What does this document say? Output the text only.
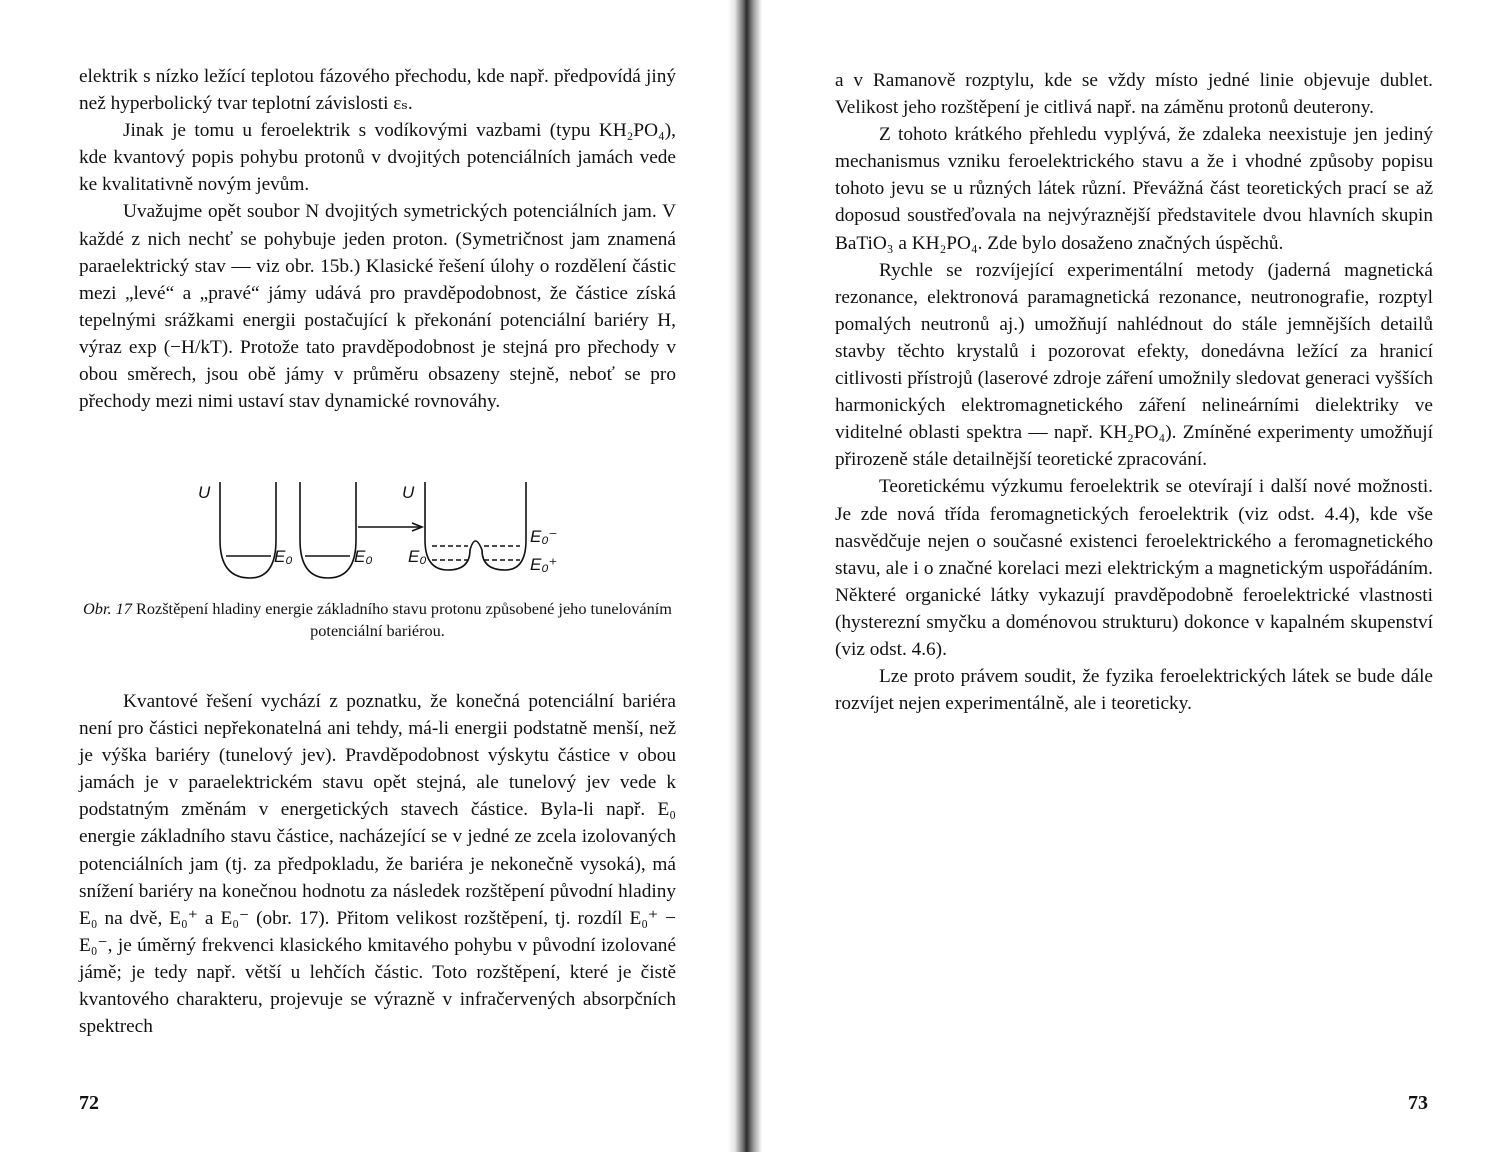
elektrik s nízko ležící teplotou fázového přechodu, kde např. předpovídá jiný než hyperbolický tvar teplotní závislosti εₛ.

Jinak je tomu u feroelektrik s vodíkovými vazbami (typu KH₂PO₄), kde kvantový popis pohybu protonů v dvojitých potenciálních jamách vede ke kvalitativně novým jevům.

Uvažujme opět soubor N dvojitých symetrických potenciálních jam. V každé z nich nechť se pohybuje jeden proton. (Symetričnost jam znamená paraelektrický stav — viz obr. 15b.) Klasické řešení úlohy o rozdělení částic mezi „levé“ a „pravé“ jámy udává pro pravděpodobnost, že částice získá tepelnými srážkami energii postačující k překonání potenciální bariéry H, výraz exp (−H/kT). Protože tato pravděpodobnost je stejná pro přechody v obou směrech, jsou obě jámy v průměru obsazeny stejně, neboť se pro přechody mezi nimi ustaví stav dynamické rovnováhy.

U
E₀	E₀
U
E₀
E₀⁻
E₀⁺
Obr. 17 Rozštěpení hladiny energie základního stavu protonu způsobené jeho tunelováním potenciální bariérou.

Kvantové řešení vychází z poznatku, že konečná potenciální bariéra není pro částici nepřekonatelná ani tehdy, má-li energii podstatně menší, než je výška bariéry (tunelový jev). Pravděpodobnost výskytu částice v obou jamách je v paraelektrickém stavu opět stejná, ale tunelový jev vede k podstatným změnám v energetických stavech částice. Byla-li např. E₀ energie základního stavu částice, nacházející se v jedné ze zcela izolovaných potenciálních jam (tj. za předpokladu, že bariéra je nekonečně vysoká), má snížení bariéry na konečnou hodnotu za následek rozštěpení původní hladiny E₀ na dvě, E₀⁺ a E₀⁻ (obr. 17). Přitom velikost rozštěpení, tj. rozdíl E₀⁺ − E₀⁻, je úměrný frekvenci klasického kmitavého pohybu v původní izolované jámě; je tedy např. větší u lehčích částic. Toto rozštěpení, které je čistě kvantového charakteru, projevuje se výrazně v infračervených absorpčních spektrech

72

a v Ramanově rozptylu, kde se vždy místo jedné linie objevuje dublet. Velikost jeho rozštěpení je citlivá např. na záměnu protonů deuterony.

Z tohoto krátkého přehledu vyplývá, že zdaleka neexistuje jen jediný mechanismus vzniku feroelektrického stavu a že i vhodné způsoby popisu tohoto jevu se u různých látek různí. Převážná část teoretických prací se až doposud soustřeďovala na nejvýraznější představitele dvou hlavních skupin BaTiO₃ a KH₂PO₄. Zde bylo dosaženo značných úspěchů.

Rychle se rozvíjející experimentální metody (jaderná magnetická rezonance, elektronová paramagnetická rezonance, neutronografie, rozptyl pomalých neutronů aj.) umožňují nahlédnout do stále jemnějších detailů stavby těchto krystalů i pozorovat efekty, donedávna ležící za hranicí citlivosti přístrojů (laserové zdroje záření umožnily sledovat generaci vyšších harmonických elektromagnetického záření nelineárními dielektriky ve viditelné oblasti spektra — např. KH₂PO₄). Zmíněné experimenty umožňují přirozeně stále detailnější teoretické zpracování.

Teoretickému výzkumu feroelektrik se otevírají i další nové možnosti. Je zde nová třída feromagnetických feroelektrik (viz odst. 4.4), kde vše nasvědčuje nejen o současné existenci feroelektrického a feromagnetického stavu, ale i o značné korelaci mezi elektrickým a magnetickým uspořádáním. Některé organické látky vykazují pravděpodobně feroelektrické vlastnosti (hysterezní smyčku a doménovou strukturu) dokonce v kapalném skupenství (viz odst. 4.6).

Lze proto právem soudit, že fyzika feroelektrických látek se bude dále rozvíjet nejen experimentálně, ale i teoreticky.

73
